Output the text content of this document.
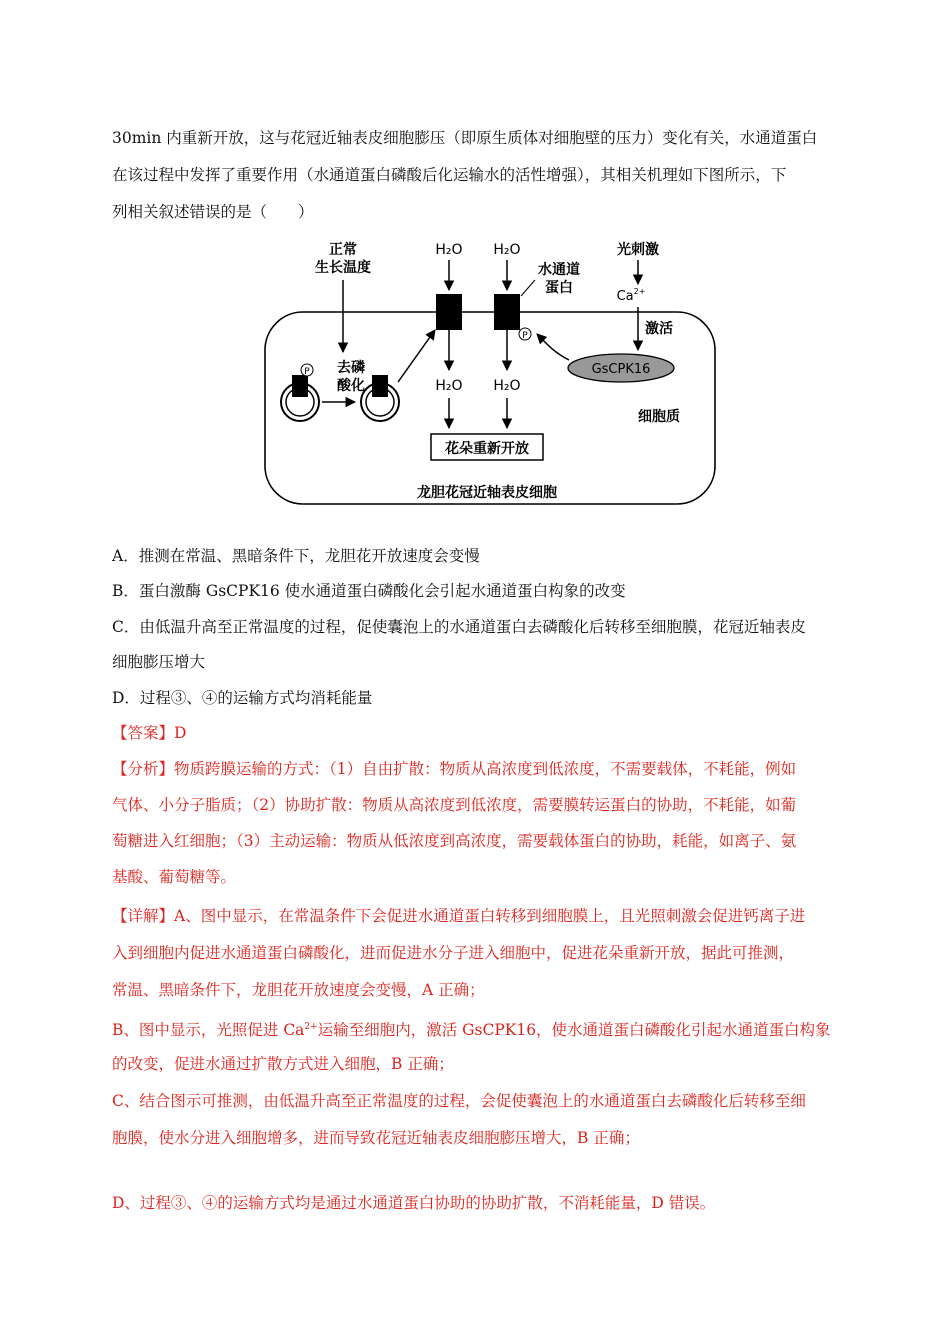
30min 内重新开放，这与花冠近轴表皮细胞膨压（即原生质体对细胞壁的压力）变化有关，水通道蛋白
在该过程中发挥了重要作用（水通道蛋白磷酸后化运输水的活性增强），其相关机理如下图所示，下
列相关叙述错误的是（　　）
正常
生长温度
P 去磷
酸化
H₂O
H₂O
H₂O
P
水通道
蛋白
H₂O
花朵重新开放
光刺激
$Ca^{2+}$
激活
GsCPK16
细胞质
龙胆花冠近轴表皮细胞
A．推测在常温、黑暗条件下，龙胆花开放速度会变慢
B．蛋白激酶 GsCPK16 使水通道蛋白磷酸化会引起水通道蛋白构象的改变
C．由低温升高至正常温度的过程，促使囊泡上的水通道蛋白去磷酸化后转移至细胞膜，花冠近轴表皮
细胞膨压增大
D．过程③、④的运输方式均消耗能量
【答案】D
【分析】物质跨膜运输的方式：（1）自由扩散：物质从高浓度到低浓度，不需要载体，不耗能，例如
气体、小分子脂质；（2）协助扩散：物质从高浓度到低浓度，需要膜转运蛋白的协助，不耗能，如葡
萄糖进入红细胞；（3）主动运输：物质从低浓度到高浓度，需要载体蛋白的协助，耗能，如离子、氨
基酸、葡萄糖等。
【详解】A、图中显示，在常温条件下会促进水通道蛋白转移到细胞膜上，且光照刺激会促进钙离子进
入到细胞内促进水通道蛋白磷酸化，进而促进水分子进入细胞中，促进花朵重新开放，据此可推测，
常温、黑暗条件下，龙胆花开放速度会变慢，A 正确；
B、图中显示，光照促进 $Ca^{2+}$运输至细胞内，激活 GsCPK16，使水通道蛋白磷酸化引起水通道蛋白构象
的改变，促进水通过扩散方式进入细胞，B 正确；
C、结合图示可推测，由低温升高至正常温度的过程，会促使囊泡上的水通道蛋白去磷酸化后转移至细
胞膜，使水分进入细胞增多，进而导致花冠近轴表皮细胞膨压增大，B 正确；
D、过程③、④的运输方式均是通过水通道蛋白协助的协助扩散，不消耗能量，D 错误。
